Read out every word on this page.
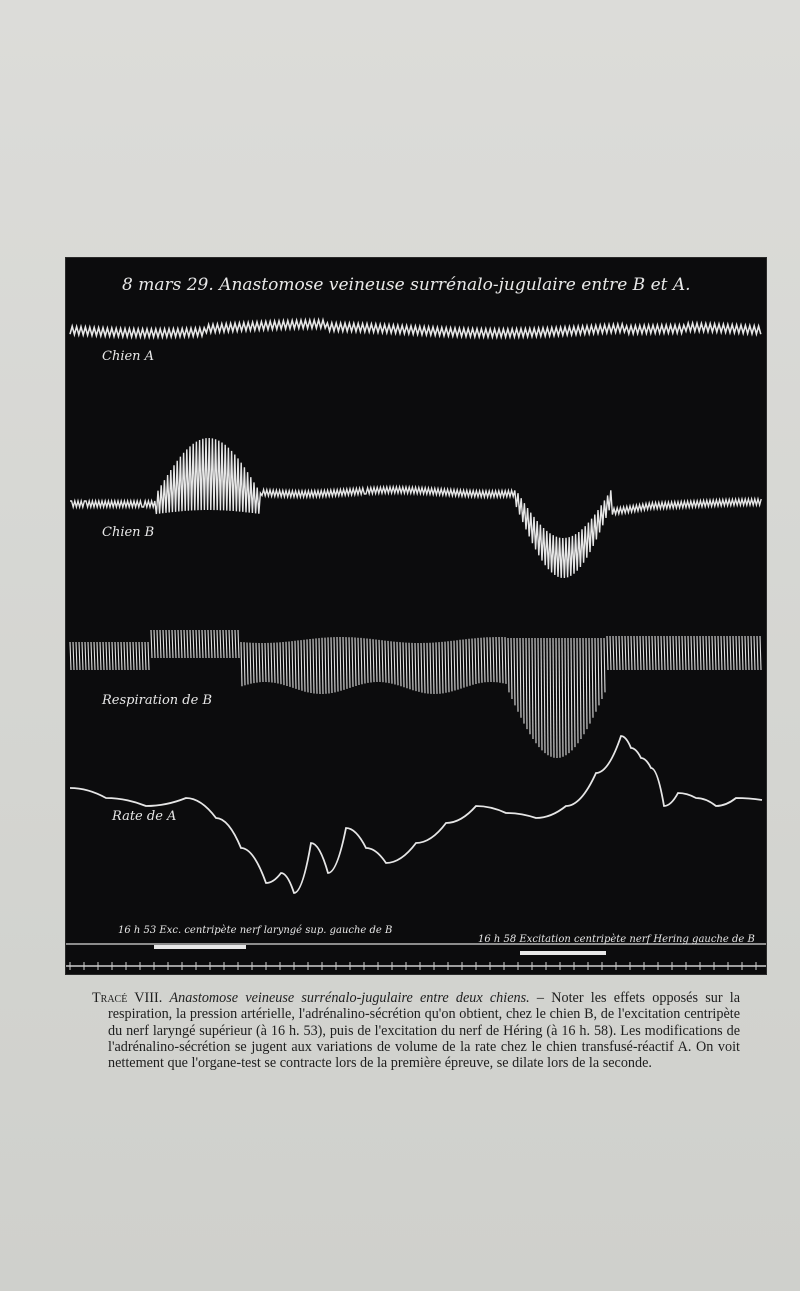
8 mars 29. Anastomose veineuse surrénalo-jugulaire entre B et A.
Chien A
Chien B
Respiration de B
Rate de A
16 h 53 Exc. centripète nerf laryngé sup. gauche de B
16 h 58 Excitation centripète nerf Hering gauche de B

Tracé VIII. Anastomose veineuse surrénalo-jugulaire entre deux chiens. – Noter les effets opposés sur la respiration, la pression artérielle, l'adrénalino-sécrétion qu'on obtient, chez le chien B, de l'excitation centripète du nerf laryngé supérieur (à 16 h. 53), puis de l'excitation du nerf de Héring (à 16 h. 58). Les modifications de l'adrénalino-sécrétion se jugent aux variations de volume de la rate chez le chien transfusé-réactif A. On voit nettement que l'organe-test se contracte lors de la première épreuve, se dilate lors de la seconde.
